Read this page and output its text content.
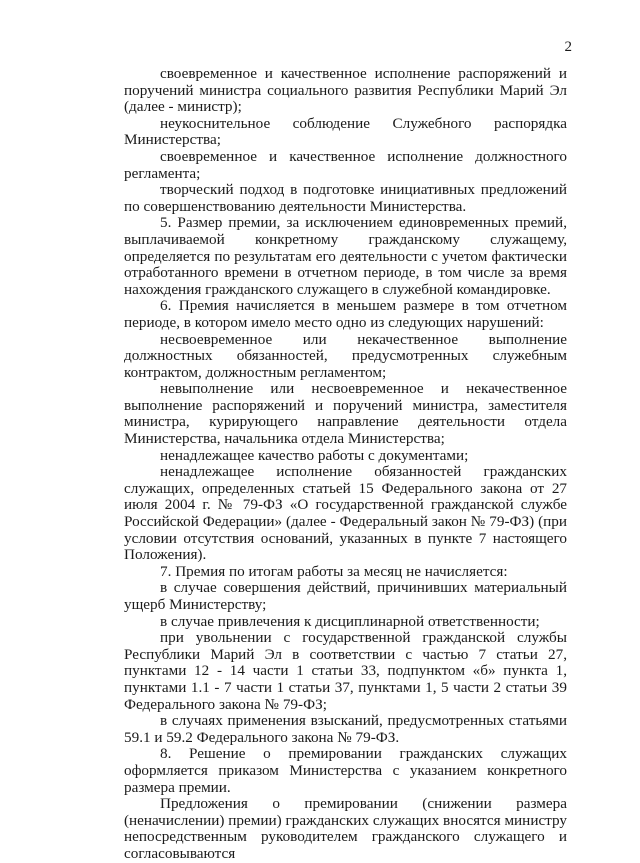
2

своевременное и качественное исполнение распоряжений и поручений министра социального развития Республики Марий Эл (далее - министр);

неукоснительное соблюдение Служебного распорядка Министерства;

своевременное и качественное исполнение должностного регламента;

творческий подход в подготовке инициативных предложений по совершенствованию деятельности Министерства.

5. Размер премии, за исключением единовременных премий, выплачиваемой конкретному гражданскому служащему, определяется по результатам его деятельности с учетом фактически отработанного времени в отчетном периоде, в том числе за время нахождения гражданского служащего в служебной командировке.

6. Премия начисляется в меньшем размере в том отчетном периоде, в котором имело место одно из следующих нарушений:

несвоевременное или некачественное выполнение должностных обязанностей, предусмотренных служебным контрактом, должностным регламентом;

невыполнение или несвоевременное и некачественное выполнение распоряжений и поручений министра, заместителя министра, курирующего направление деятельности отдела Министерства, начальника отдела Министерства;

ненадлежащее качество работы с документами;

ненадлежащее исполнение обязанностей гражданских служащих, определенных статьей 15 Федерального закона от 27 июля 2004 г. № 79-ФЗ «О государственной гражданской службе Российской Федерации» (далее - Федеральный закон № 79-ФЗ) (при условии отсутствия оснований, указанных в пункте 7 настоящего Положения).

7. Премия по итогам работы за месяц не начисляется:

в случае совершения действий, причинивших материальный ущерб Министерству;

в случае привлечения к дисциплинарной ответственности;

при увольнении с государственной гражданской службы Республики Марий Эл в соответствии с частью 7 статьи 27, пунктами 12 - 14 части 1 статьи 33, подпунктом «б» пункта 1, пунктами 1.1 - 7 части 1 статьи 37, пунктами 1, 5 части 2 статьи 39 Федерального закона № 79-ФЗ;

в случаях применения взысканий, предусмотренных статьями 59.1 и 59.2 Федерального закона № 79-ФЗ.

8. Решение о премировании гражданских служащих оформляется приказом Министерства с указанием конкретного размера премии.

Предложения о премировании (снижении размера (неначислении) премии) гражданских служащих вносятся министру непосредственным руководителем гражданского служащего и согласовываются
